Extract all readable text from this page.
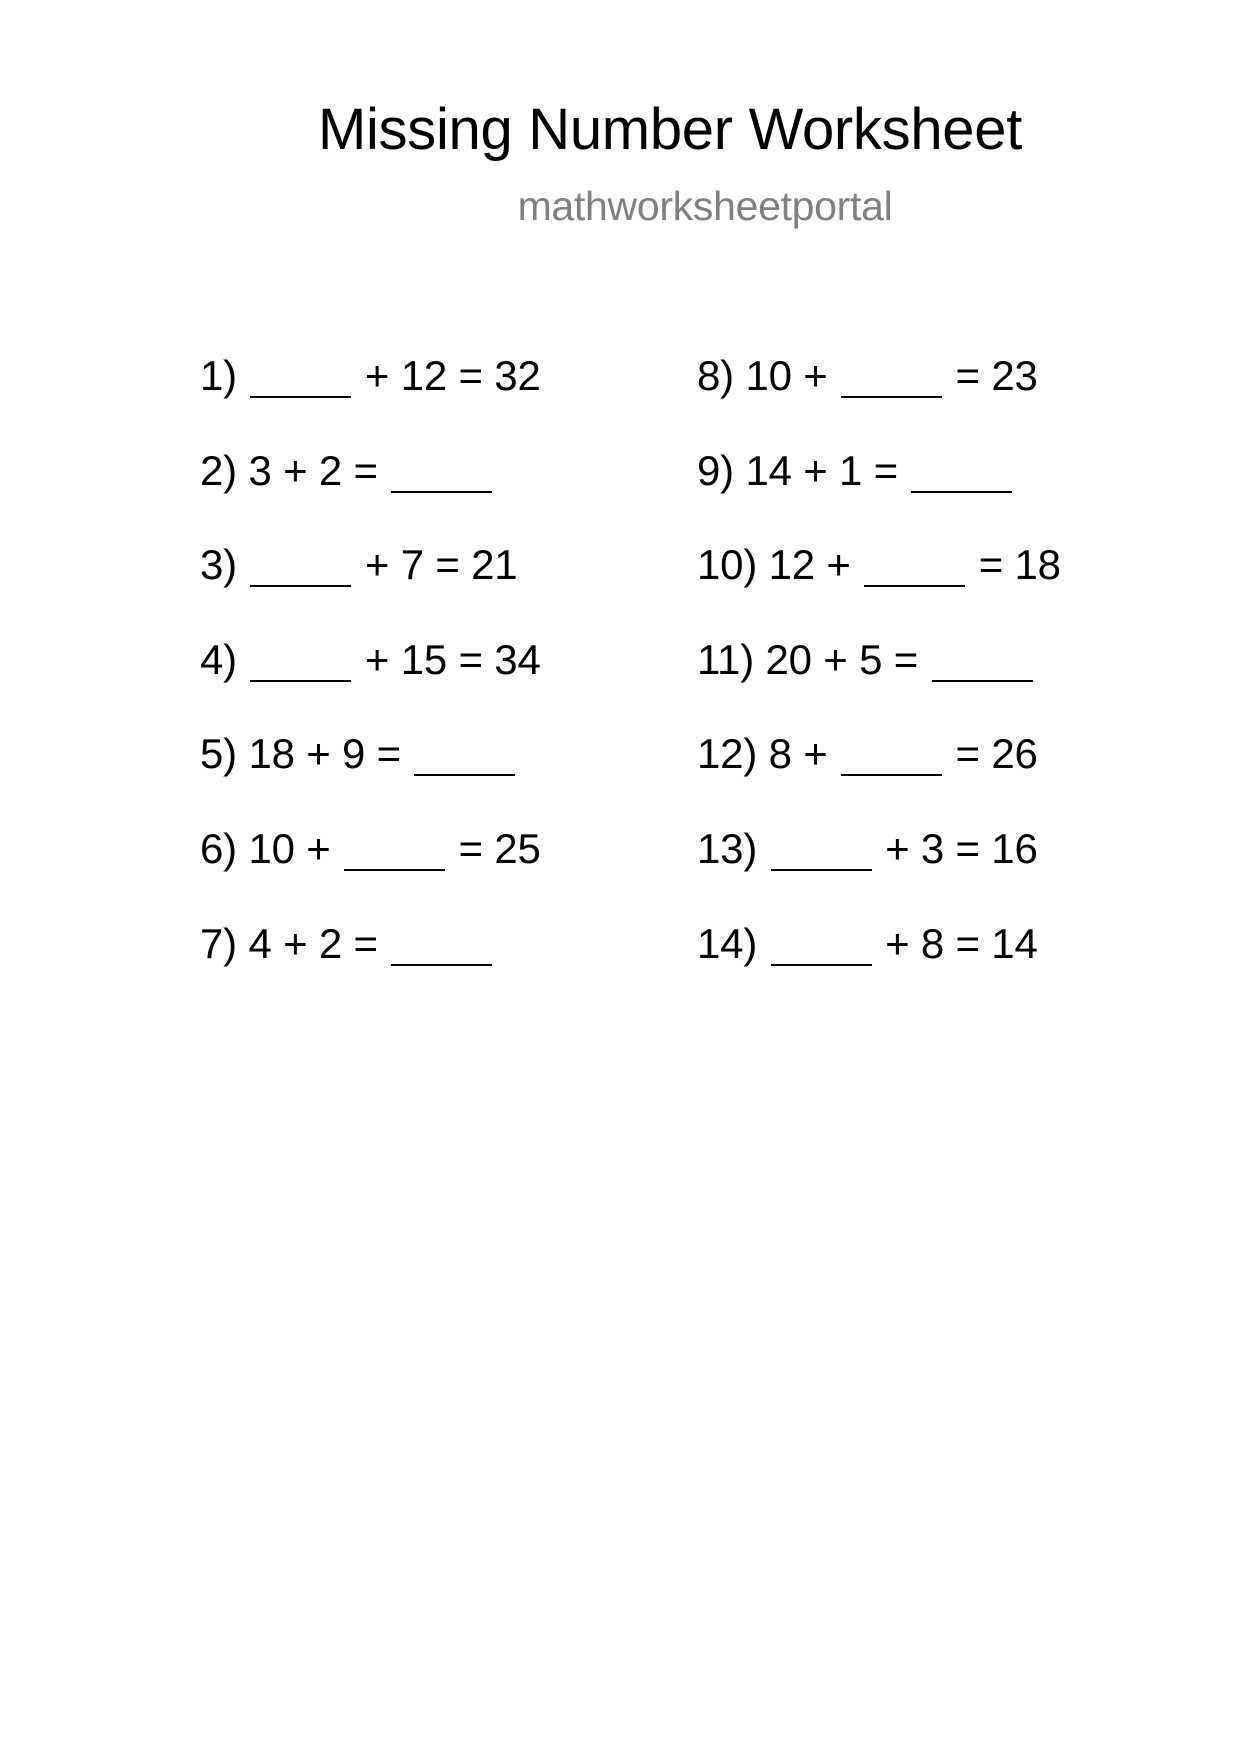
Missing Number Worksheet
mathworksheetportal
1)	+ 12 = 32
2) 3 + 2 =
3)	+ 7 = 21
4)	+ 15 = 34
5) 18 + 9 =
6) 10 +	= 25
7) 4 + 2 =
8) 10 +	= 23
9) 14 + 1 =
10) 12 +	= 18
11) 20 + 5 =
12) 8 +	= 26
13)	+ 3 = 16
14)	+ 8 = 14
